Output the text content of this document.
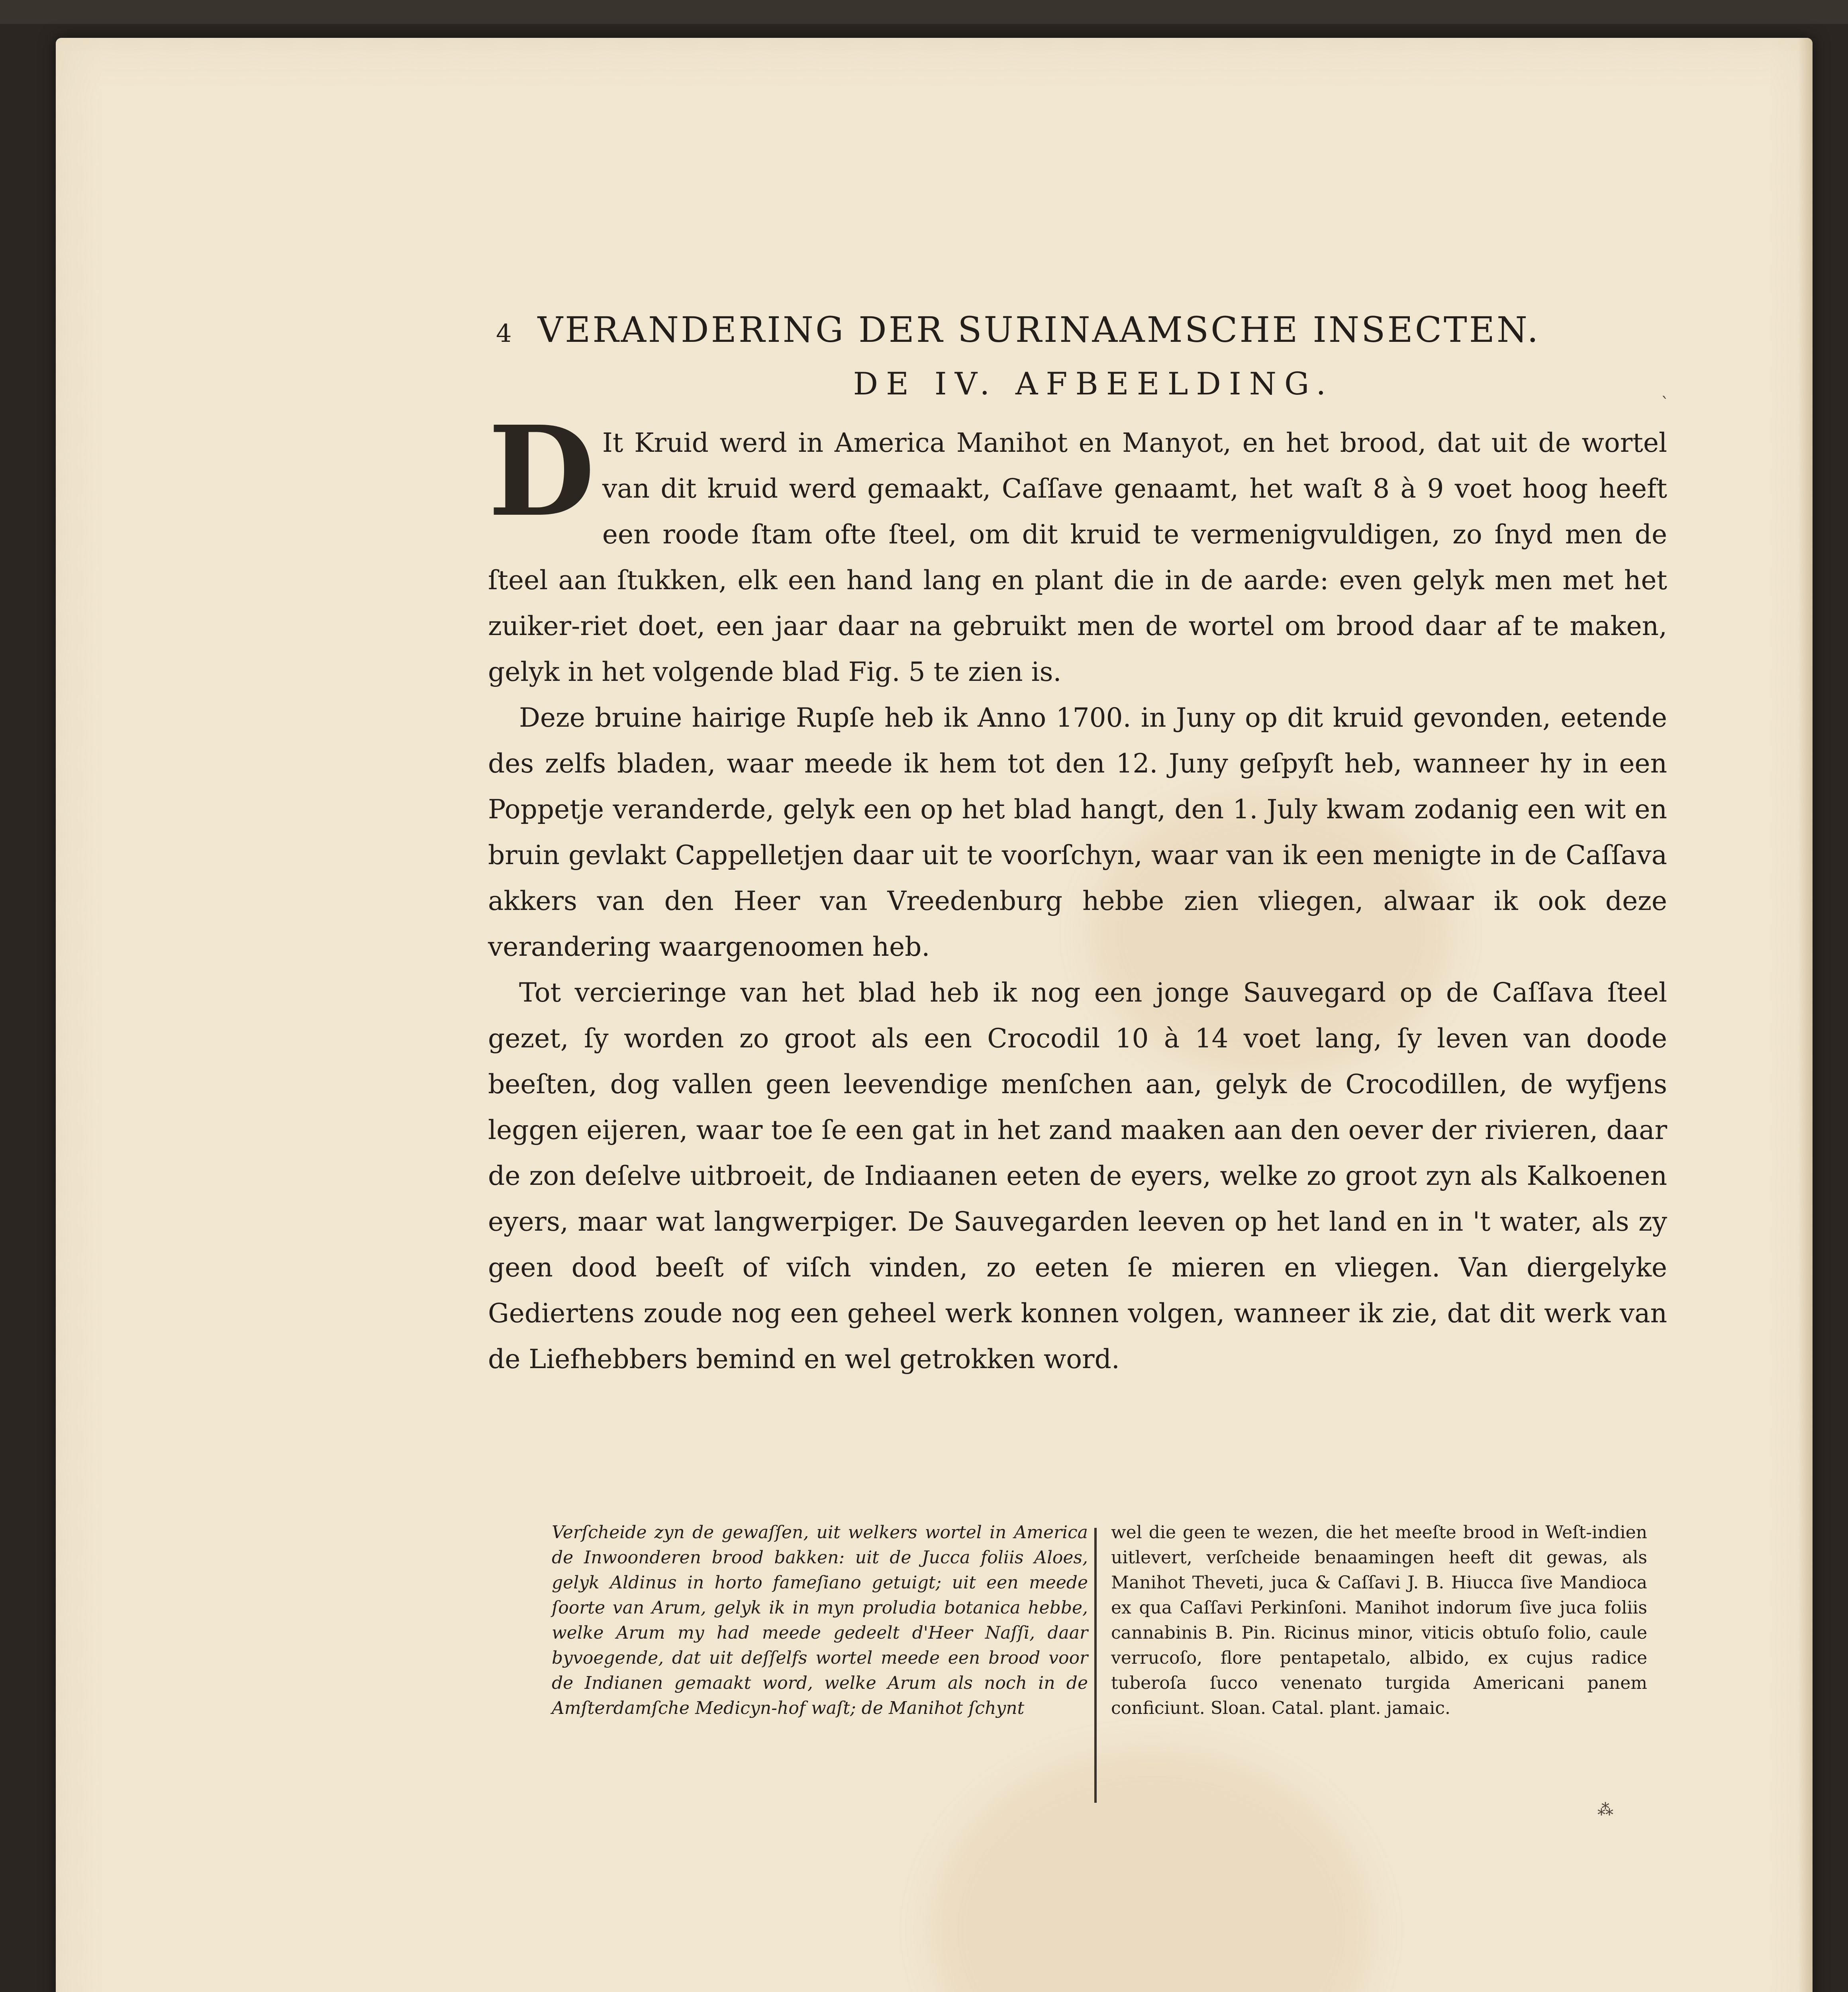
4 VERANDERING DER SURINAAMSCHE INSECTEN.
DE IV. AFBEELDING.

D It Kruid werd in America Manihot en Manyot, en het brood, dat uit de wortel van dit kruid werd gemaakt, Caſſave genaamt, het waſt 8 à 9 voet hoog heeft een roode ſtam ofte ſteel, om dit kruid te vermenigvuldigen, zo ſnyd men de ſteel aan ſtukken, elk een hand lang en plant die in de aarde: even gelyk men met het zuiker-riet doet, een jaar daar na gebruikt men de wortel om brood daar af te maken, gelyk in het volgende blad Fig. 5 te zien is.

Deze bruine hairige Rupſe heb ik Anno 1700. in Juny op dit kruid gevonden, eetende des zelfs bladen, waar meede ik hem tot den 12. Juny geſpyſt heb, wanneer hy in een Poppetje veranderde, gelyk een op het blad hangt, den 1. July kwam zodanig een wit en bruin gevlakt Cappelletjen daar uit te voorſchyn, waar van ik een menigte in de Caſſava akkers van den Heer van Vreedenburg hebbe zien vliegen, alwaar ik ook deze verandering waargenoomen heb.

Tot vercieringe van het blad heb ik nog een jonge Sauvegard op de Caſſava ſteel gezet, ſy worden zo groot als een Crocodil 10 à 14 voet lang, ſy leven van doode beeſten, dog vallen geen leevendige menſchen aan, gelyk de Crocodillen, de wyfjens leggen eijeren, waar toe ſe een gat in het zand maaken aan den oever der rivieren, daar de zon deſelve uitbroeit, de Indiaanen eeten de eyers, welke zo groot zyn als Kalkoenen eyers, maar wat langwerpiger. De Sauvegarden leeven op het land en in 't water, als zy geen dood beeſt of viſch vinden, zo eeten ſe mieren en vliegen. Van diergelyke Gediertens zoude nog een geheel werk konnen volgen, wanneer ik zie, dat dit werk van de Liefhebbers bemind en wel getrokken word.

Verſcheide zyn de gewaſſen, uit welkers wortel in America de Inwoonderen brood bakken: uit de Jucca foliis Aloes, gelyk Aldinus in horto fameſiano getuigt; uit een meede ſoorte van Arum, gelyk ik in myn proludia botanica hebbe, welke Arum my had meede gedeelt d'Heer Naſſi, daar byvoegende, dat uit deſſelfs wortel meede een brood voor de Indianen gemaakt word, welke Arum als noch in de Amſterdamſche Medicyn-hof waſt; de Manihot ſchynt
wel die geen te wezen, die het meeſte brood in Weſt-indien uitlevert, verſcheide benaamingen heeft dit gewas, als Manihot Theveti, juca & Caſſavi J. B. Hiucca ſive Mandioca ex qua Caſſavi Perkinſoni. Manihot indorum ſive juca foliis cannabinis B. Pin. Ricinus minor, viticis obtuſo folio, caule verrucoſo, flore pentapetalo, albido, ex cujus radice tuberoſa ſucco venenato turgida Americani panem conficiunt. Sloan. Catal. plant. jamaic.
ˋ
⁂
